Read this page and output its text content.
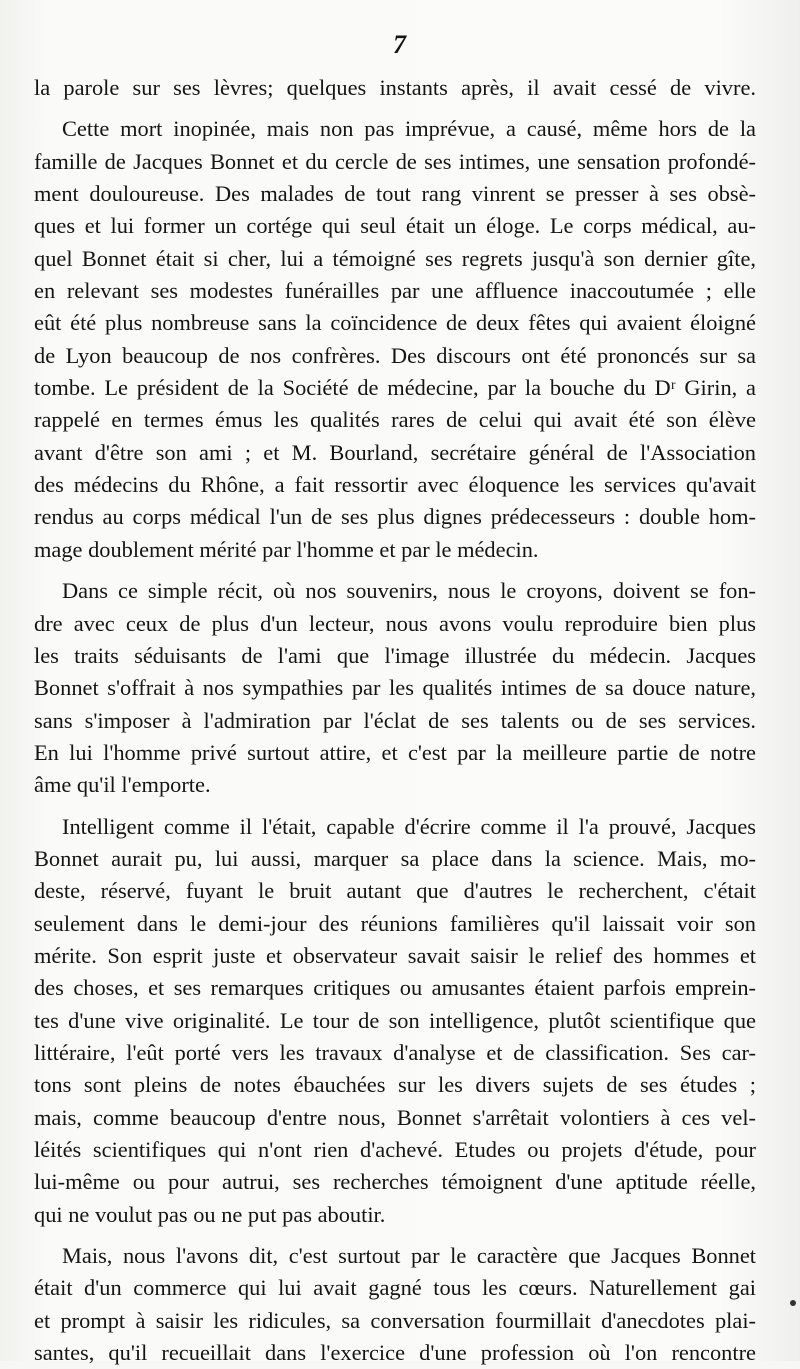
7
la parole sur ses lèvres; quelques instants après, il avait cessé de vivre.
Cette mort inopinée, mais non pas imprévue, a causé, même hors de la
famille de Jacques Bonnet et du cercle de ses intimes, une sensation profondé-
ment douloureuse. Des malades de tout rang vinrent se presser à ses obsè-
ques et lui former un cortége qui seul était un éloge. Le corps médical, au-
quel Bonnet était si cher, lui a témoigné ses regrets jusqu'à son dernier gîte,
en relevant ses modestes funérailles par une affluence inaccoutumée ; elle
eût été plus nombreuse sans la coïncidence de deux fêtes qui avaient éloigné
de Lyon beaucoup de nos confrères. Des discours ont été prononcés sur sa
tombe. Le président de la Société de médecine, par la bouche du Dʳ Girin, a
rappelé en termes émus les qualités rares de celui qui avait été son élève
avant d'être son ami ; et M. Bourland, secrétaire général de l'Association
des médecins du Rhône, a fait ressortir avec éloquence les services qu'avait
rendus au corps médical l'un de ses plus dignes prédecesseurs : double hom-
mage doublement mérité par l'homme et par le médecin.
Dans ce simple récit, où nos souvenirs, nous le croyons, doivent se fon-
dre avec ceux de plus d'un lecteur, nous avons voulu reproduire bien plus
les traits séduisants de l'ami que l'image illustrée du médecin. Jacques
Bonnet s'offrait à nos sympathies par les qualités intimes de sa douce nature,
sans s'imposer à l'admiration par l'éclat de ses talents ou de ses services.
En lui l'homme privé surtout attire, et c'est par la meilleure partie de notre
âme qu'il l'emporte.
Intelligent comme il l'était, capable d'écrire comme il l'a prouvé, Jacques
Bonnet aurait pu, lui aussi, marquer sa place dans la science. Mais, mo-
deste, réservé, fuyant le bruit autant que d'autres le recherchent, c'était
seulement dans le demi-jour des réunions familières qu'il laissait voir son
mérite. Son esprit juste et observateur savait saisir le relief des hommes et
des choses, et ses remarques critiques ou amusantes étaient parfois emprein-
tes d'une vive originalité. Le tour de son intelligence, plutôt scientifique que
littéraire, l'eût porté vers les travaux d'analyse et de classification. Ses car-
tons sont pleins de notes ébauchées sur les divers sujets de ses études ;
mais, comme beaucoup d'entre nous, Bonnet s'arrêtait volontiers à ces vel-
léités scientifiques qui n'ont rien d'achevé. Etudes ou projets d'étude, pour
lui-même ou pour autrui, ses recherches témoignent d'une aptitude réelle,
qui ne voulut pas ou ne put pas aboutir.
Mais, nous l'avons dit, c'est surtout par le caractère que Jacques Bonnet
était d'un commerce qui lui avait gagné tous les cœurs. Naturellement gai
et prompt à saisir les ridicules, sa conversation fourmillait d'anecdotes plai-
santes, qu'il recueillait dans l'exercice d'une profession où l'on rencontre
